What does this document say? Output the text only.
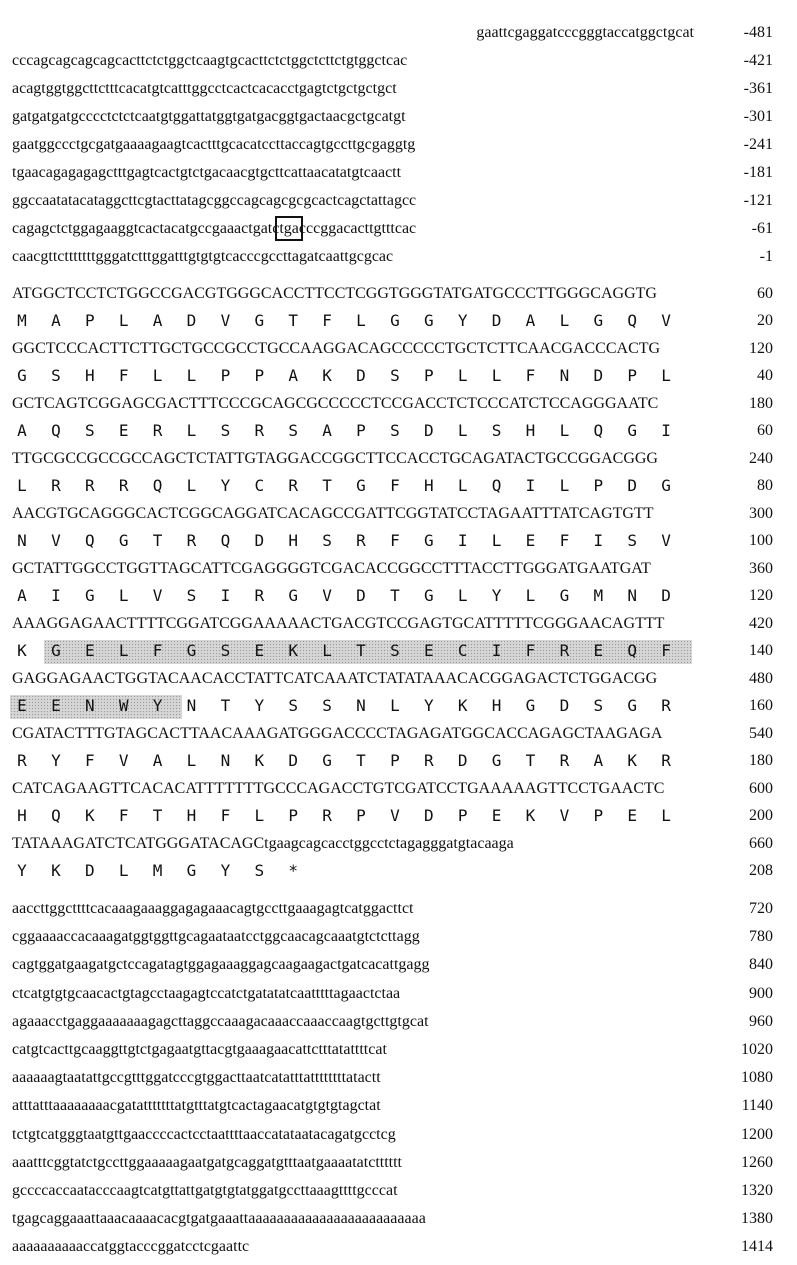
gaattcgaggatcccgggtaccatggctgcat	-481
cccagcagcagcagcacttctctggctcaagtgcacttctctggctcttctgtggctcac	-421
acagtggtggcttctttcacatgtcatttggcctcactcacacctgagtctgctgctgct	-361
gatgatgatgcccctctctcaatgtggattatggtgatgacggtgactaacgctgcatgt	-301
gaatggccctgcgatgaaaagaagtcactttgcacatccttaccagtgccttgcgaggtg	-241
tgaacagagagagctttgagtcactgtctgacaacgtgcttcattaacatatgtcaactt	-181
ggccaatatacataggcttcgtacttatagcggccagcagcgcgcactcagctattagcc	-121
cagagctctggagaaggtcactacatgccgaaactgatctgacccggacacttgtttcac	-61
caacgttctttttttgggatctttggatttgtgtgtcacccgccttagatcaattgcgcac	-1
ATGGCTCCTCTGGCCGACGTGGGCACCTTCCTCGGTGGGTATGATGCCCTTGGGCAGGTG	60
M	A	P	L	A	D	V	G	T	F	L	G	G	Y	D	A	L	G	Q	V	20
GGCTCCCACTTCTTGCTGCCGCCTGCCAAGGACAGCCCCCTGCTCTTCAACGACCCACTG	120
G	S	H	F	L	L	P	P	A	K	D	S	P	L	L	F	N	D	P	L	40
GCTCAGTCGGAGCGACTTTCCCGCAGCGCCCCCTCCGACCTCTCCCATCTCCAGGGAATC	180
A	Q	S	E	R	L	S	R	S	A	P	S	D	L	S	H	L	Q	G	I	60
TTGCGCCGCCGCCAGCTCTATTGTAGGACCGGCTTCCACCTGCAGATACTGCCGGACGGG	240
L	R	R	R	Q	L	Y	C	R	T	G	F	H	L	Q	I	L	P	D	G	80
AACGTGCAGGGCACTCGGCAGGATCACAGCCGATTCGGTATCCTAGAATTTATCAGTGTT	300
N	V	Q	G	T	R	Q	D	H	S	R	F	G	I	L	E	F	I	S	V	100
GCTATTGGCCTGGTTAGCATTCGAGGGGTCGACACCGGCCTTTACCTTGGGATGAATGAT	360
A	I	G	L	V	S	I	R	G	V	D	T	G	L	Y	L	G	M	N	D	120
AAAGGAGAACTTTTCGGATCGGAAAAACTGACGTCCGAGTGCATTTTTCGGGAACAGTTT	420
K	G	E	L	F	G	S	E	K	L	T	S	E	C	I	F	R	E	Q	F	140
GAGGAGAACTGGTACAACACCTATTCATCAAATCTATATAAACACGGAGACTCTGGACGG	480
E	E	N	W	Y	N	T	Y	S	S	N	L	Y	K	H	G	D	S	G	R	160
CGATACTTTGTAGCACTTAACAAAGATGGGACCCCTAGAGATGGCACCAGAGCTAAGAGA	540
R	Y	F	V	A	L	N	K	D	G	T	P	R	D	G	T	R	A	K	R	180
CATCAGAAGTTCACACATTTTTTTGCCCAGACCTGTCGATCCTGAAAAAGTTCCTGAACTC	600
H	Q	K	F	T	H	F	L	P	R	P	V	D	P	E	K	V	P	E	L	200
TATAAAGATCTCATGGGATACAGCtgaagcagcacctggcctctagagggatgtacaaga	660
Y	K	D	L	M	G	Y	S	*	208
aaccttggcttttcacaaagaaaggagagaaacagtgccttgaaagagtcatggacttct	720
cggaaaaccacaaagatggtggttgcagaataatcctggcaacagcaaatgtctcttagg	780
cagtggatgaagatgctccagatagtggagaaaggagcaagaagactgatcacattgagg	840
ctcatgtgtgcaacactgtagcctaagagtccatctgatatatcaatttttagaactctaa	900
agaaacctgaggaaaaaaagagcttaggccaaagacaaaccaaaccaagtgcttgtgcat	960
catgtcacttgcaaggttgtctgagaatgttacgtgaaagaacattctttatattttcat	1020
aaaaaagtaatattgccgtttggatcccgtggacttaatcatatttattttttttatactt	1080
atttatttaaaaaaaacgatatttttttatgtttatgtcactagaacatgtgtgtagctat	1140
tctgtcatgggtaatgttgaaccccactcctaattttaaccatataatacagatgcctcg	1200
aaatttcggtatctgccttggaaaaagaatgatgcaggatgtttaatgaaaatatctttttt	1260
gccccaccaatacccaagtcatgttattgatgtgtatggatgccttaaagttttgcccat	1320
tgagcaggaaattaaacaaaacacgtgatgaaattaaaaaaaaaaaaaaaaaaaaaaaaa	1380
aaaaaaaaaaccatggtacccggatcctcgaattc	1414
